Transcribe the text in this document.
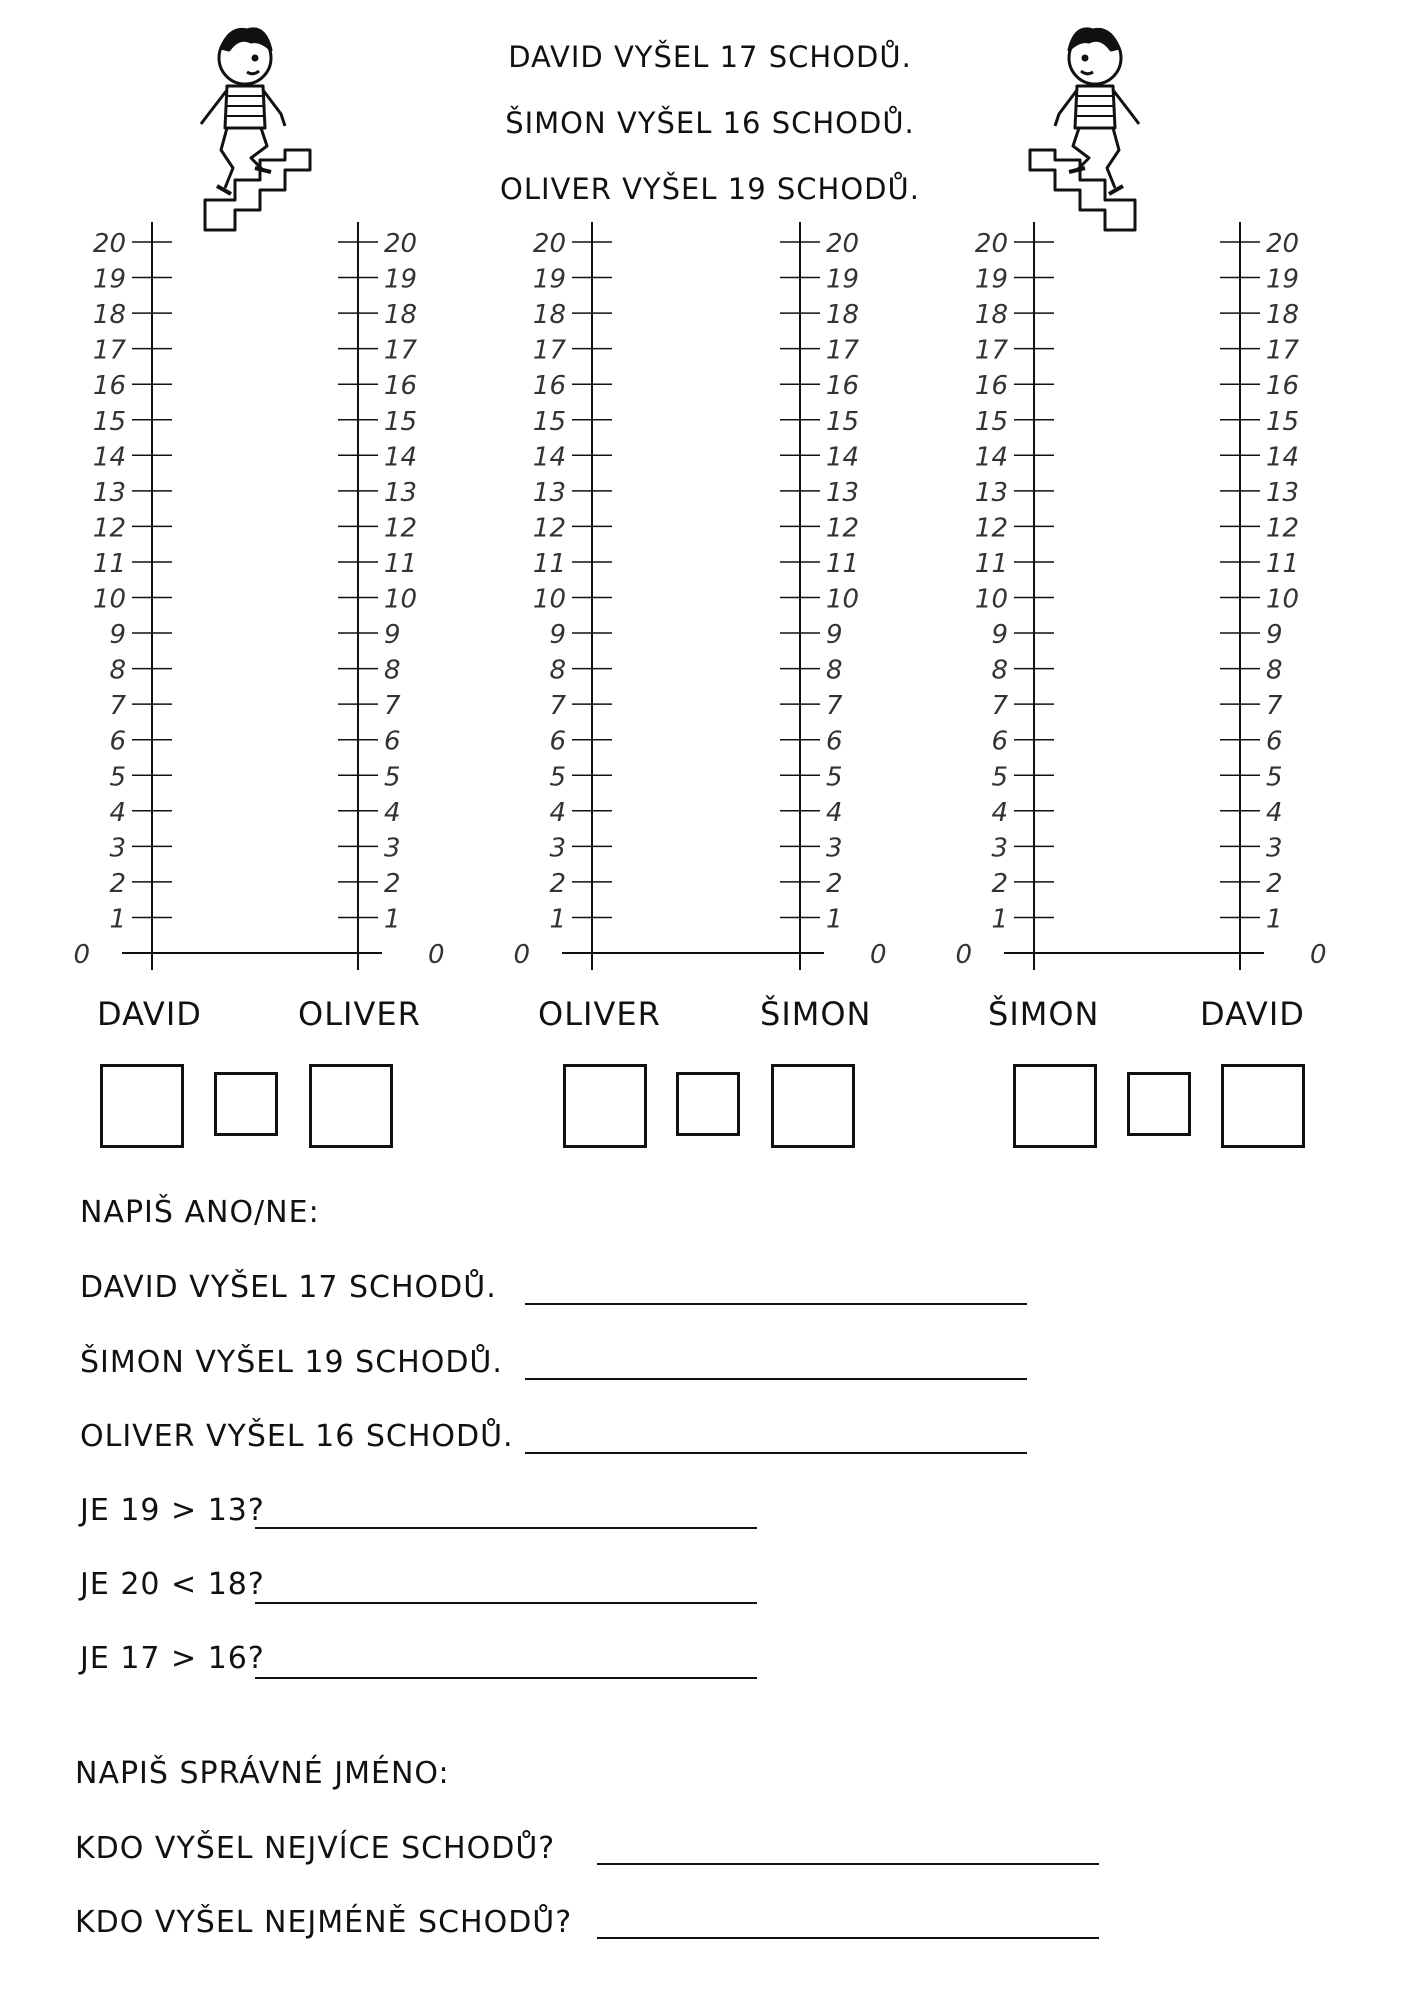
DAVID VYŠEL 17 SCHODŮ.
ŠIMON VYŠEL 16 SCHODŮ.
OLIVER VYŠEL 19 SCHODŮ.
0
1
2
3
4
5
6
7
8
9
10
11
12
13
14
15
16
17
18
19
20
0
1
2
3
4
5
6
7
8
9
10
11
12
13
14
15
16
17
18
19
20
0
1
2
3
4
5
6
7
8
9
10
11
12
13
14
15
16
17
18
19
20
0
1
2
3
4
5
6
7
8
9
10
11
12
13
14
15
16
17
18
19
20
0
1
2
3
4
5
6
7
8
9
10
11
12
13
14
15
16
17
18
19
20
0
1
2
3
4
5
6
7
8
9
10
11
12
13
14
15
16
17
18
19
20
DAVID	OLIVER	OLIVER	ŠIMON	ŠIMON	DAVID
NAPIŠ ANO/NE:
DAVID VYŠEL 17 SCHODŮ.
ŠIMON VYŠEL 19 SCHODŮ.
OLIVER VYŠEL 16 SCHODŮ.
JE 19 > 13?
JE 20 < 18?
JE 17 > 16?
NAPIŠ SPRÁVNÉ JMÉNO:
KDO VYŠEL NEJVÍCE SCHODŮ?
KDO VYŠEL NEJMÉNĚ SCHODŮ?
